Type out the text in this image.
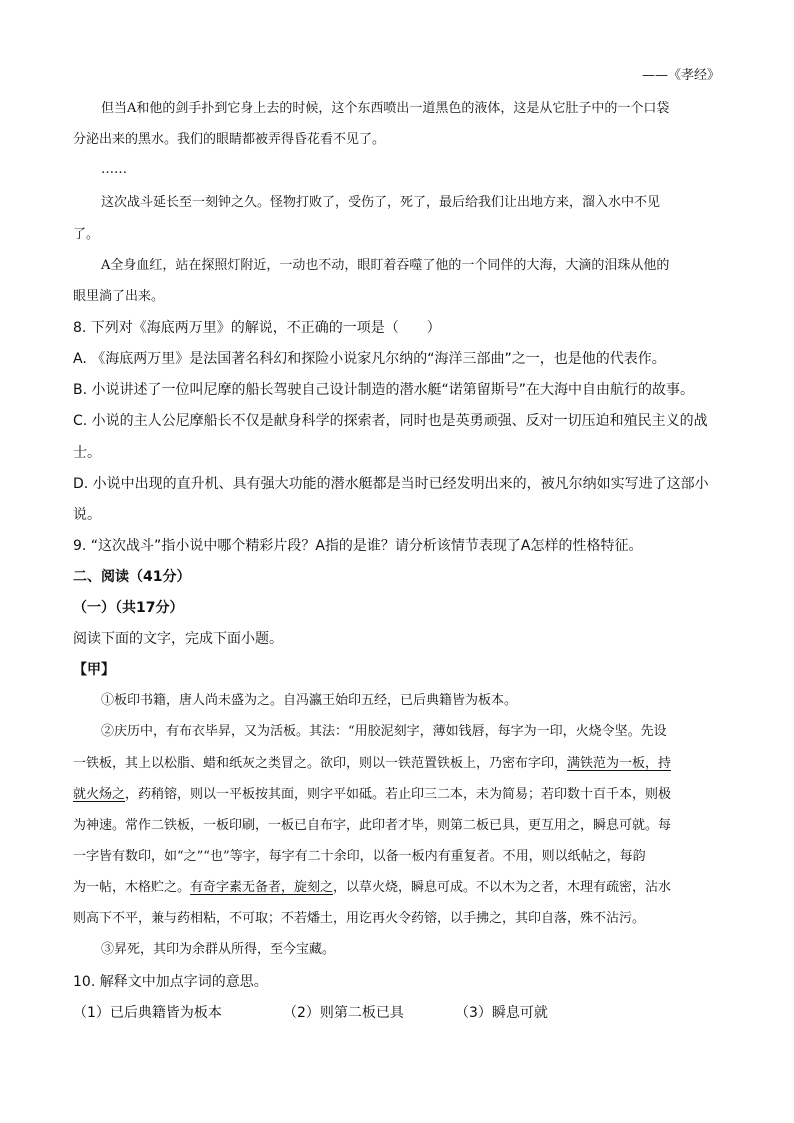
——《孝经》

但当A和他的剑手扑到它身上去的时候，这个东西喷出一道黑色的液体，这是从它肚子中的一个口袋

分泌出来的黑水。我们的眼睛都被弄得昏花看不见了。

……

这次战斗延长至一刻钟之久。怪物打败了，受伤了，死了，最后给我们让出地方来，溜入水中不见

了。

A全身血红，站在探照灯附近，一动也不动，眼盯着吞噬了他的一个同伴的大海，大滴的泪珠从他的

眼里淌了出来。

8. 下列对《海底两万里》的解说，不正确的一项是（　　）

A. 《海底两万里》是法国著名科幻和探险小说家凡尔纳的“海洋三部曲”之一，也是他的代表作。

B. 小说讲述了一位叫尼摩的船长驾驶自己设计制造的潜水艇“诺第留斯号”在大海中自由航行的故事。

C. 小说的主人公尼摩船长不仅是献身科学的探索者，同时也是英勇顽强、反对一切压迫和殖民主义的战

士。

D. 小说中出现的直升机、具有强大功能的潜水艇都是当时已经发明出来的，被凡尔纳如实写进了这部小

说。

9. “这次战斗”指小说中哪个精彩片段？A指的是谁？请分析该情节表现了A怎样的性格特征。

二、阅读（41分）

（一）（共17分）

阅读下面的文字，完成下面小题。

【甲】

①板印书籍，唐人尚未盛为之。自冯瀛王始印五经，已后典籍皆为板本。

②庆历中，有布衣毕昇，又为活板。其法：“用胶泥刻字，薄如钱唇，每字为一印，火烧令坚。先设

一铁板，其上以松脂、蜡和纸灰之类冒之。欲印，则以一铁范置铁板上，乃密布字印，满铁范为一板，持

就火炀之，药稍镕，则以一平板按其面，则字平如砥。若止印三二本，未为简易；若印数十百千本，则极

为神速。常作二铁板，一板印刷，一板已自布字，此印者才毕，则第二板已具，更互用之，瞬息可就。每

一字皆有数印，如“之”“也”等字，每字有二十余印，以备一板内有重复者。不用，则以纸帖之，每韵

为一帖，木格贮之。有奇字素无备者，旋刻之，以草火烧，瞬息可成。不以木为之者，木理有疏密，沾水

则高下不平，兼与药相粘，不可取；不若燔土，用讫再火令药镕，以手拂之，其印自落，殊不沾污。

③昇死，其印为余群从所得，至今宝藏。

10. 解释文中加点字词的意思。

（1）已后典籍皆为板本	（2）则第二板已具	（3）瞬息可就
